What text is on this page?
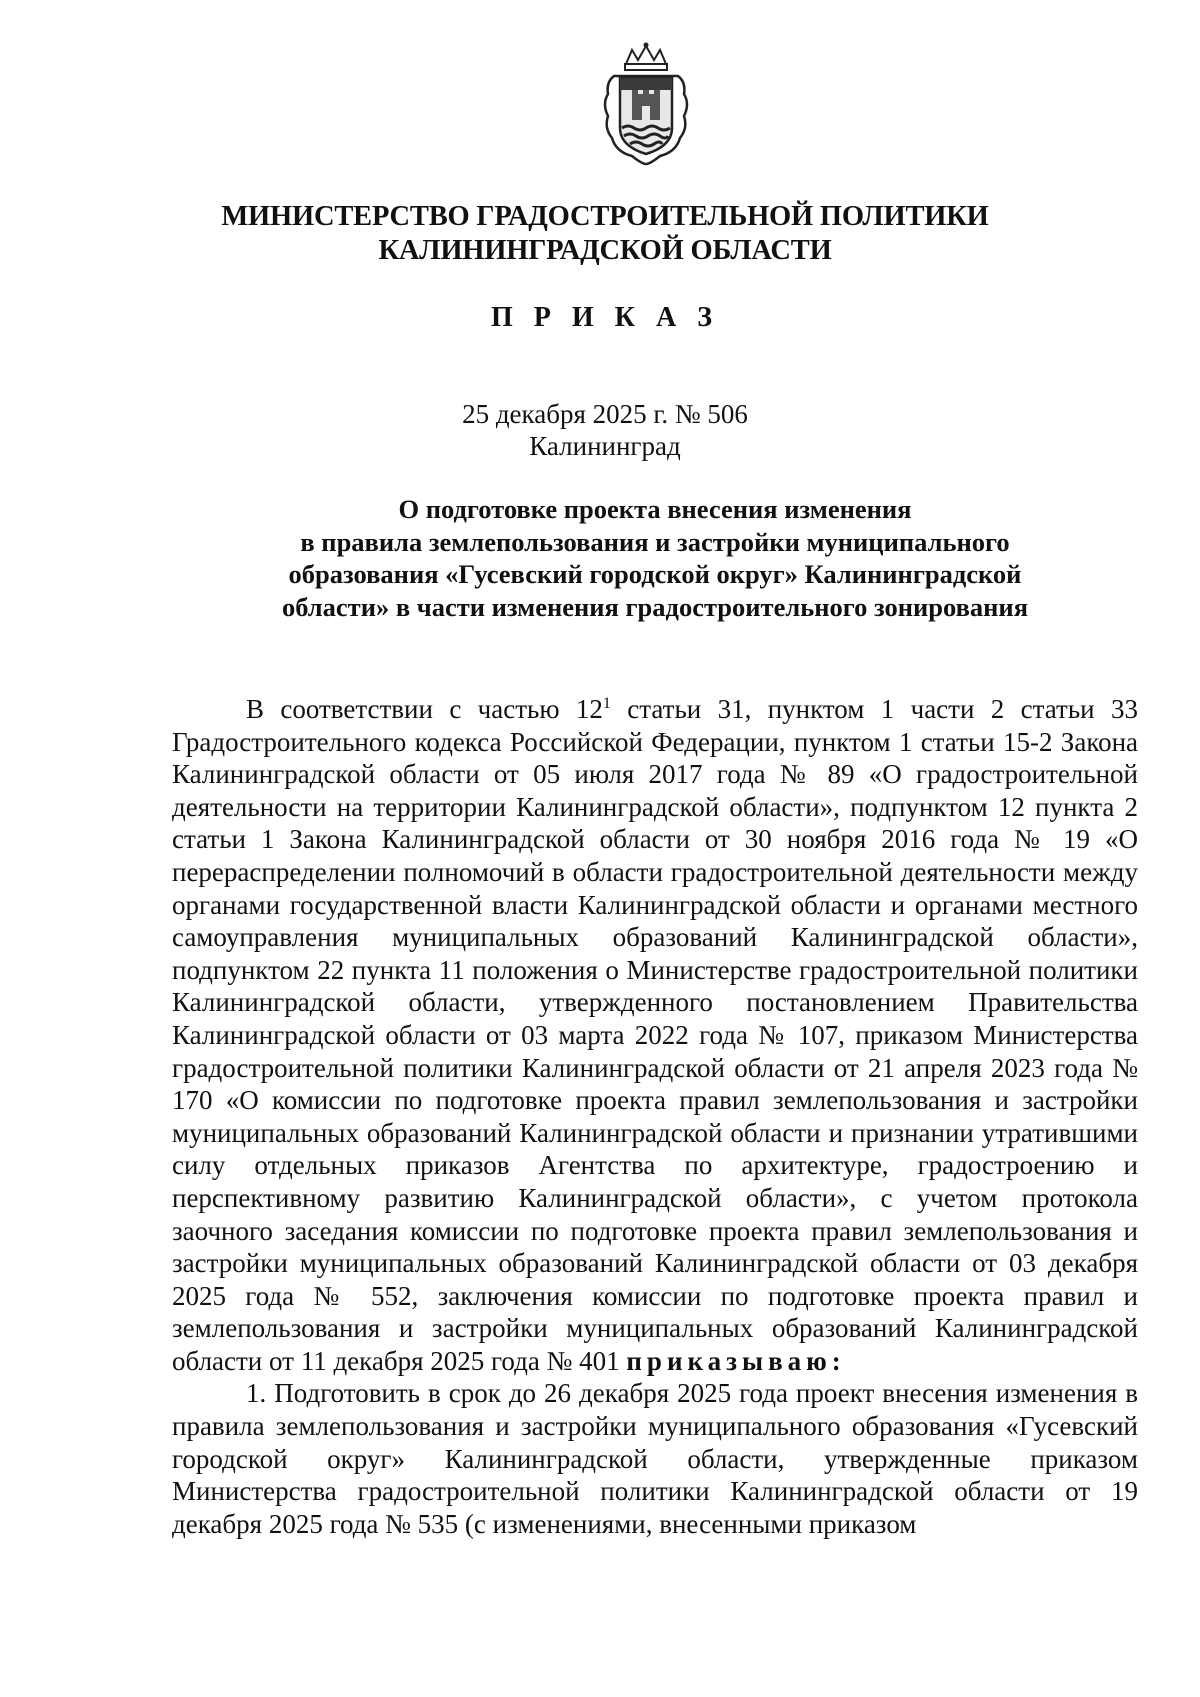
МИНИСТЕРСТВО ГРАДОСТРОИТЕЛЬНОЙ ПОЛИТИКИ
КАЛИНИНГРАДСКОЙ ОБЛАСТИ
П Р И К А З
25 декабря 2025 г. № 506
Калининград
О подготовке проекта внесения изменения
в правила землепользования и застройки муниципального
образования «Гусевский городской округ» Калининградской
области» в части изменения градостроительного зонирования

В соответствии с частью $12^1$ статьи 31, пунктом 1 части 2 статьи 33 Градостроительного кодекса Российской Федерации, пунктом 1 статьи 15-2 Закона Калининградской области от 05 июля 2017 года № 89 «О градостроительной деятельности на территории Калининградской области», подпунктом 12 пункта 2 статьи 1 Закона Калининградской области от 30 ноября 2016 года № 19 «О перераспределении полномочий в области градостроительной деятельности между органами государственной власти Калининградской области и органами местного самоуправления муниципальных образований Калининградской области», подпунктом 22 пункта 11 положения о Министерстве градостроительной политики Калининградской области, утвержденного постановлением Правительства Калининградской области от 03 марта 2022 года № 107, приказом Министерства градостроительной политики Калининградской области от 21 апреля 2023 года № 170 «О комиссии по подготовке проекта правил землепользования и застройки муниципальных образований Калининградской области и признании утратившими силу отдельных приказов Агентства по архитектуре, градостроению и перспективному развитию Калининградской области», с учетом протокола заочного заседания комиссии по подготовке проекта правил землепользования и застройки муниципальных образований Калининградской области от 03 декабря 2025 года № 552, заключения комиссии по подготовке проекта правил и землепользования и застройки муниципальных образований Калининградской области от 11 декабря 2025 года № 401 приказываю:

1. Подготовить в срок до 26 декабря 2025 года проект внесения изменения в правила землепользования и застройки муниципального образования «Гусевский городской округ» Калининградской области, утвержденные приказом Министерства градостроительной политики Калининградской области от 19 декабря 2025 года № 535 (с изменениями, внесенными приказом
